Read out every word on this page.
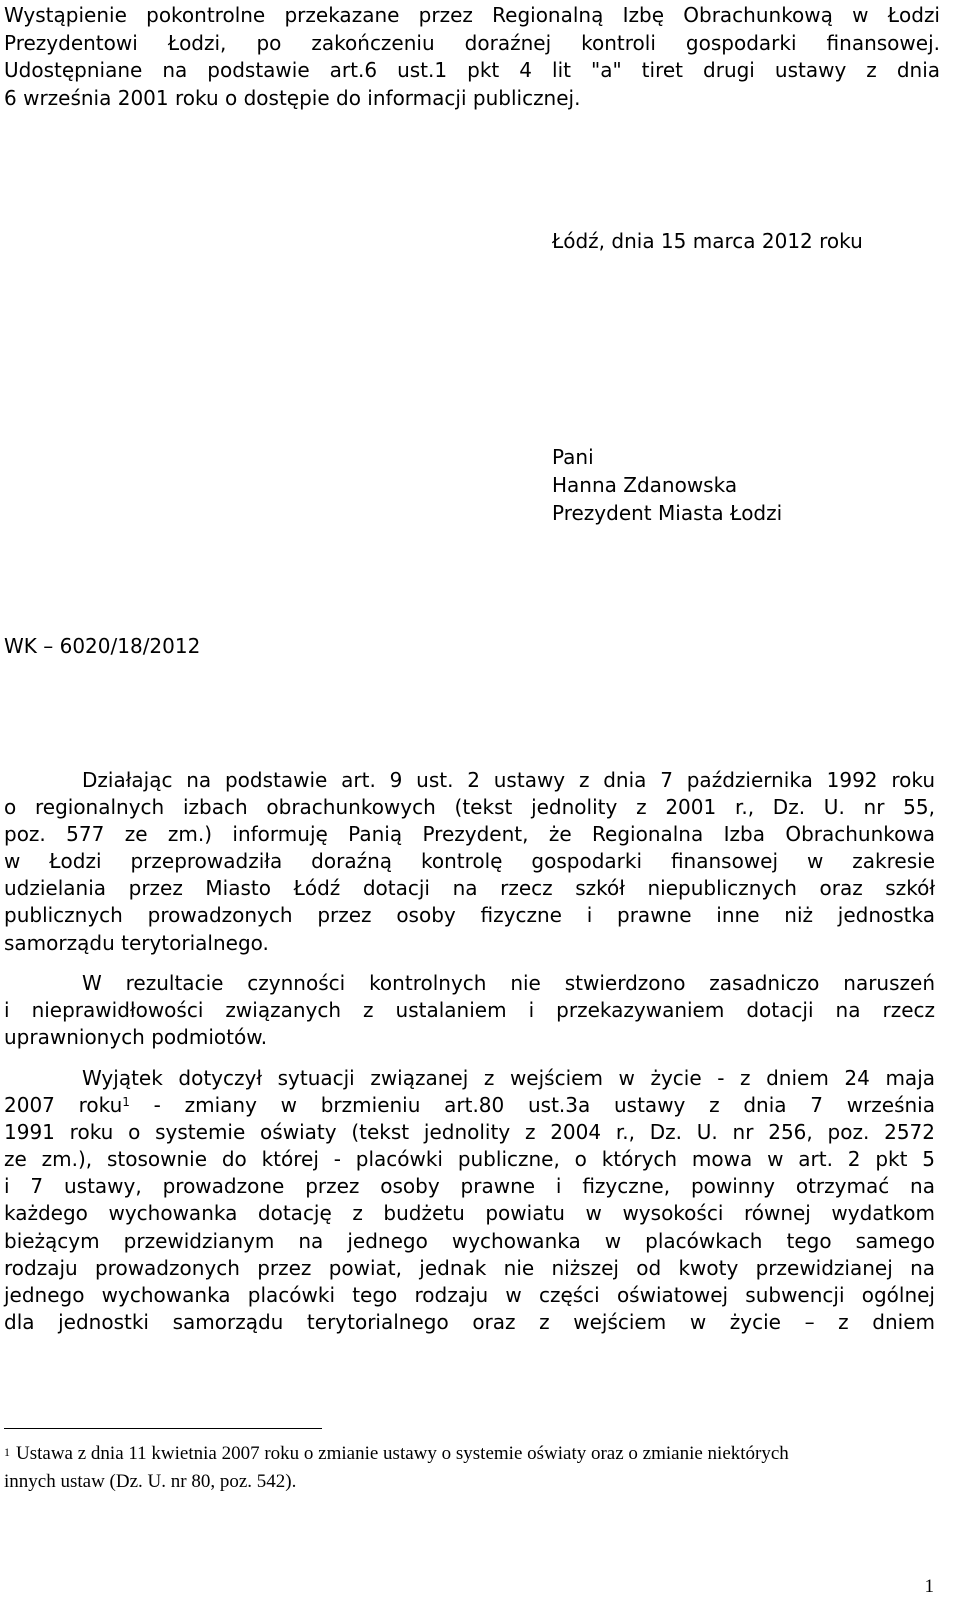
Wystąpienie pokontrolne przekazane przez Regionalną Izbę Obrachunkową w Łodzi
Prezydentowi Łodzi, po zakończeniu doraźnej kontroli gospodarki finansowej.
Udostępniane na podstawie art.6 ust.1 pkt 4 lit "a" tiret drugi ustawy z dnia
6 września 2001 roku o dostępie do informacji publicznej.
Łódź, dnia 15 marca 2012 roku
Pani
Hanna Zdanowska
Prezydent Miasta Łodzi
WK – 6020/18/2012
Działając na podstawie art. 9 ust. 2 ustawy z dnia 7 października 1992 roku
o regionalnych izbach obrachunkowych (tekst jednolity z 2001 r., Dz. U. nr 55,
poz. 577 ze zm.) informuję Panią Prezydent, że Regionalna Izba Obrachunkowa
w Łodzi przeprowadziła doraźną kontrolę gospodarki finansowej w zakresie
udzielania przez Miasto Łódź dotacji na rzecz szkół niepublicznych oraz szkół
publicznych prowadzonych przez osoby fizyczne i prawne inne niż jednostka
samorządu terytorialnego.
W rezultacie czynności kontrolnych nie stwierdzono zasadniczo naruszeń
i nieprawidłowości związanych z ustalaniem i przekazywaniem dotacji na rzecz
uprawnionych podmiotów.
Wyjątek dotyczył sytuacji związanej z wejściem w życie - z dniem 24 maja
2007 roku$^1$ - zmiany w brzmieniu art.80 ust.3a ustawy z dnia 7 września
1991 roku o systemie oświaty (tekst jednolity z 2004 r., Dz. U. nr 256, poz. 2572
ze zm.), stosownie do której - placówki publiczne, o których mowa w art. 2 pkt 5
i 7 ustawy, prowadzone przez osoby prawne i fizyczne, powinny otrzymać na
każdego wychowanka dotację z budżetu powiatu w wysokości równej wydatkom
bieżącym przewidzianym na jednego wychowanka w placówkach tego samego
rodzaju prowadzonych przez powiat, jednak nie niższej od kwoty przewidzianej na
jednego wychowanka placówki tego rodzaju w części oświatowej subwencji ogólnej
dla jednostki samorządu terytorialnego oraz z wejściem w życie – z dniem
$^1$ Ustawa z dnia 11 kwietnia 2007 roku o zmianie ustawy o systemie oświaty oraz o zmianie niektórych
innych ustaw (Dz. U. nr 80, poz. 542).
1
